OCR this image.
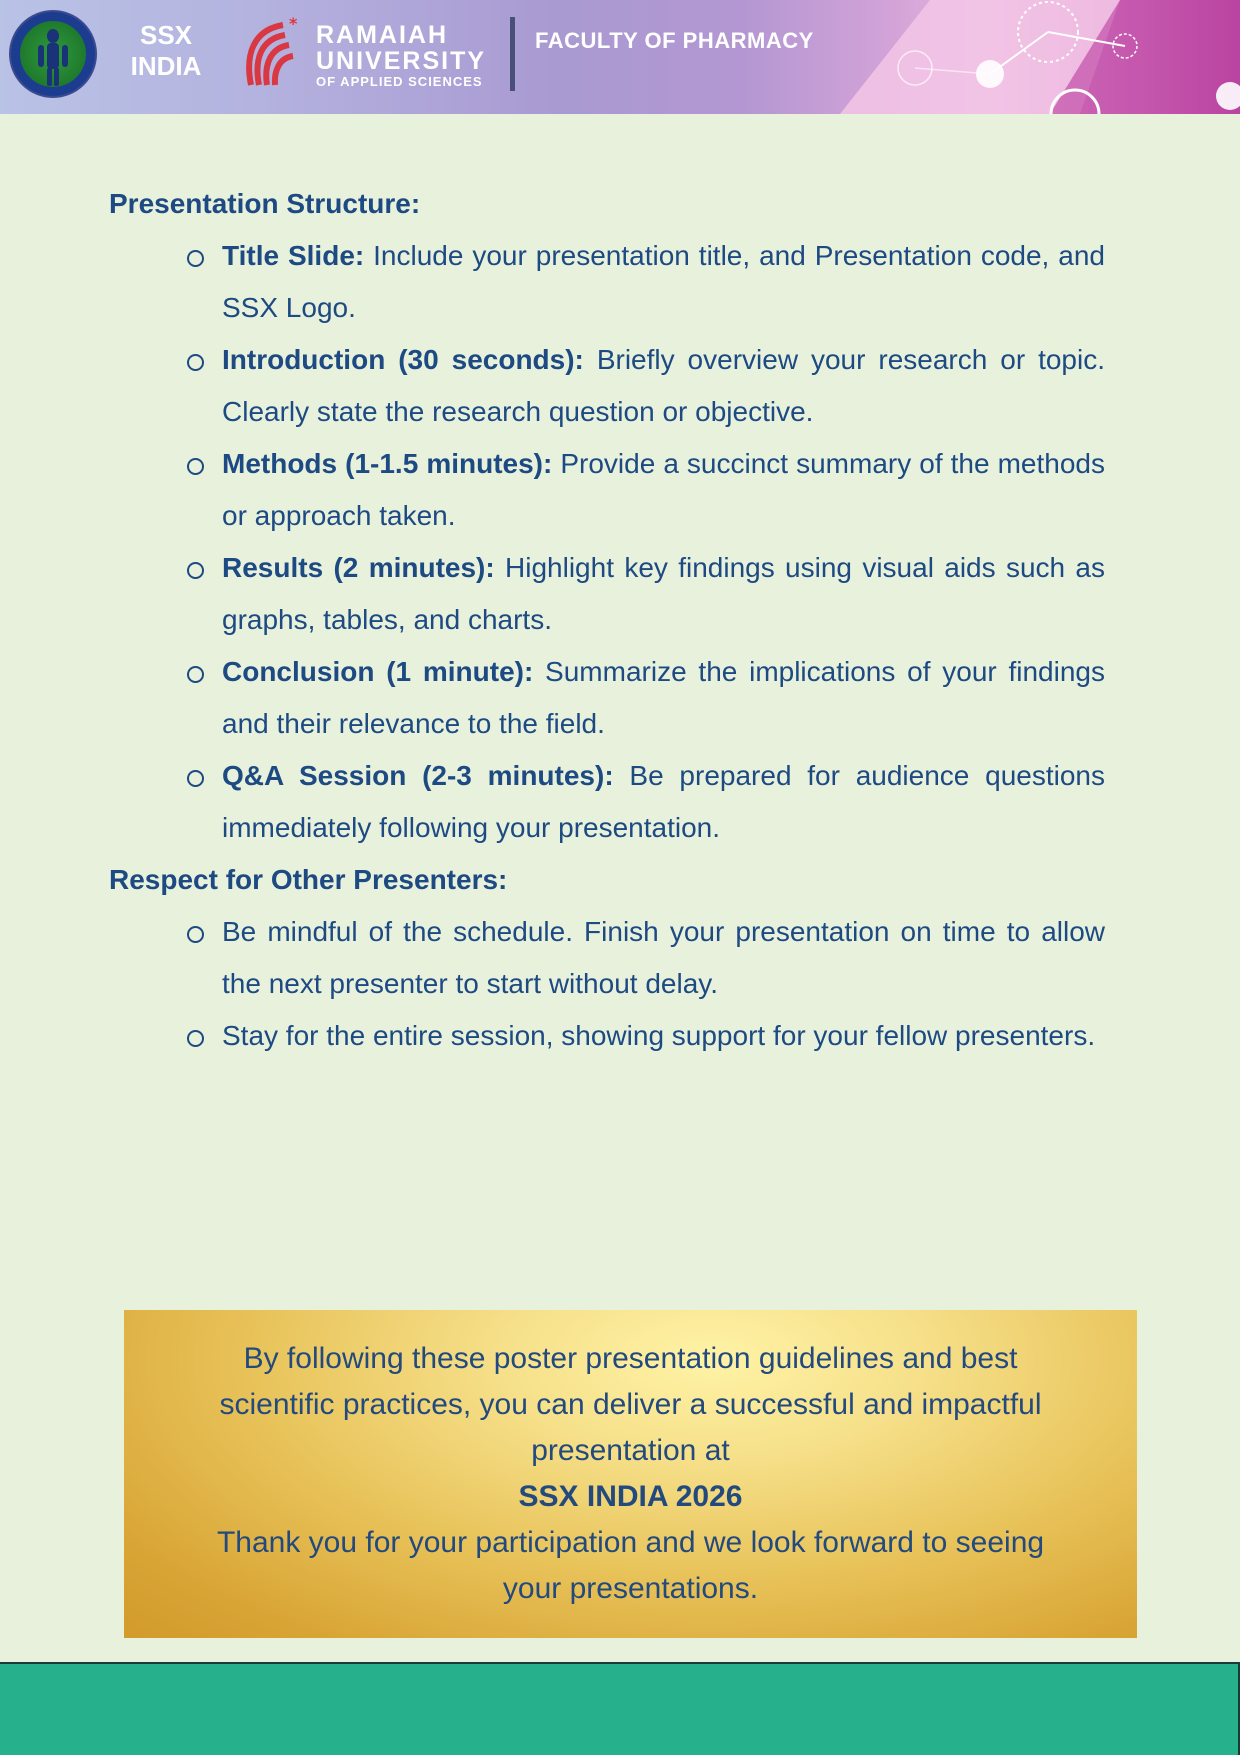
SSX
INDIA
* RAMAIAH
UNIVERSITY
OF APPLIED SCIENCES
FACULTY OF PHARMACY
Presentation Structure:
Title Slide: Include your presentation title, and Presentation code, and SSX Logo.
Introduction (30 seconds): Briefly overview your research or topic. Clearly state the research question or objective.
Methods (1-1.5 minutes): Provide a succinct summary of the methods or approach taken.
Results (2 minutes): Highlight key findings using visual aids such as graphs, tables, and charts.
Conclusion (1 minute): Summarize the implications of your findings and their relevance to the field.
Q&A Session (2-3 minutes): Be prepared for audience questions immediately following your presentation.
Respect for Other Presenters:
Be mindful of the schedule. Finish your presentation on time to allow the next presenter to start without delay.
Stay for the entire session, showing support for your fellow presenters.
By following these poster presentation guidelines and best scientific practices, you can deliver a successful and impactful presentation at
SSX INDIA 2026
Thank you for your participation and we look forward to seeing your presentations.
